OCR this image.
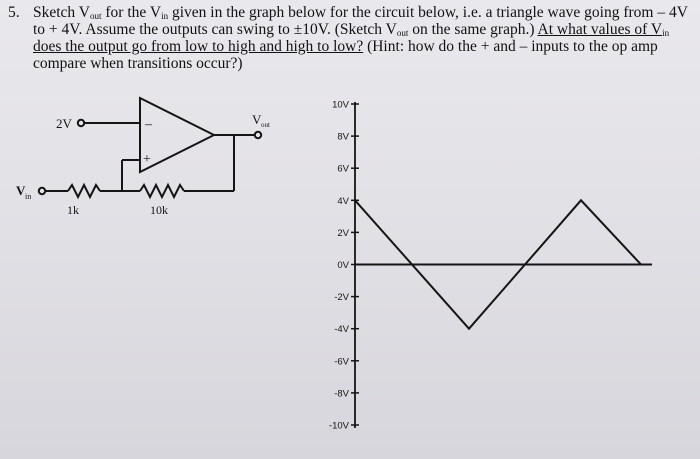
5. Sketch $V_{out}$ for the $V_{in}$ given in the graph below for the circuit below, i.e. a triangle wave going from – 4V
to + 4V. Assume the outputs can swing to ±10V. (Sketch $V_{out}$ on the same graph.) At what values of $V_{in}$
does the output go from low to high and high to low? (Hint: how do the + and – inputs to the op amp
compare when transitions occur?)
2V	–
+
V in
V out
1k	10k
10V
8V
6V
4V
2V
0V
-2V
-4V
-6V
-8V
-10V
